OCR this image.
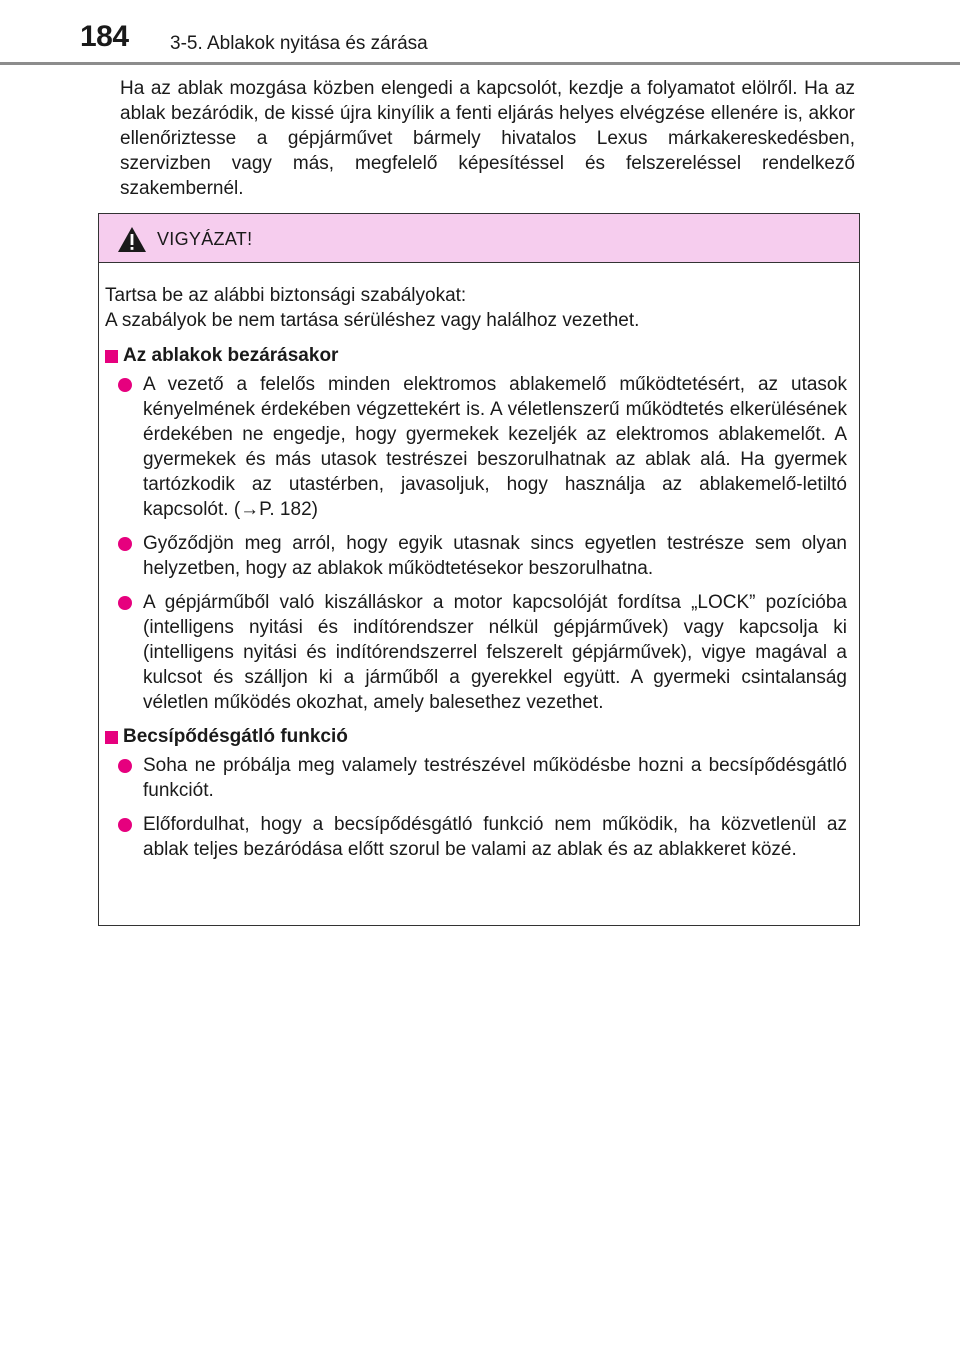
184 3-5. Ablakok nyitása és zárása

Ha az ablak mozgása közben elengedi a kapcsolót, kezdje a folyamatot elölről. Ha az ablak bezáródik, de kissé újra kinyílik a fenti eljárás helyes elvégzése ellenére is, akkor ellenőriztesse a gépjárművet bármely hivatalos Lexus márkakereskedésben, szervizben vagy más, megfelelő képesítéssel és felszereléssel rendelkező szakembernél.

VIGYÁZAT!

Tartsa be az alábbi biztonsági szabályokat:
A szabályok be nem tartása sérüléshez vagy halálhoz vezethet.

Az ablakok bezárásakor
A vezető a felelős minden elektromos ablakemelő működtetésért, az utasok kényelmének érdekében végzettekért is. A véletlenszerű működtetés elkerülésének érdekében ne engedje, hogy gyermekek kezeljék az elektromos ablakemelőt. A gyermekek és más utasok testrészei beszorulhatnak az ablak alá. Ha gyermek tartózkodik az utastérben, javasoljuk, hogy használja az ablakemelő-letiltó kapcsolót. (→P. 182)
Győződjön meg arról, hogy egyik utasnak sincs egyetlen testrésze sem olyan helyzetben, hogy az ablakok működtetésekor beszorulhatna.
A gépjárműből való kiszálláskor a motor kapcsolóját fordítsa „LOCK” pozícióba (intelligens nyitási és indítórendszer nélkül gépjárművek) vagy kapcsolja ki (intelligens nyitási és indítórendszerrel felszerelt gépjárművek), vigye magával a kulcsot és szálljon ki a járműből a gyerekkel együtt. A gyermeki csintalanság véletlen működés okozhat, amely balesethez vezethet.
Becsípődésgátló funkció
Soha ne próbálja meg valamely testrészével működésbe hozni a becsípődésgátló funkciót.
Előfordulhat, hogy a becsípődésgátló funkció nem működik, ha közvetlenül az ablak teljes bezáródása előtt szorul be valami az ablak és az ablakkeret közé.
